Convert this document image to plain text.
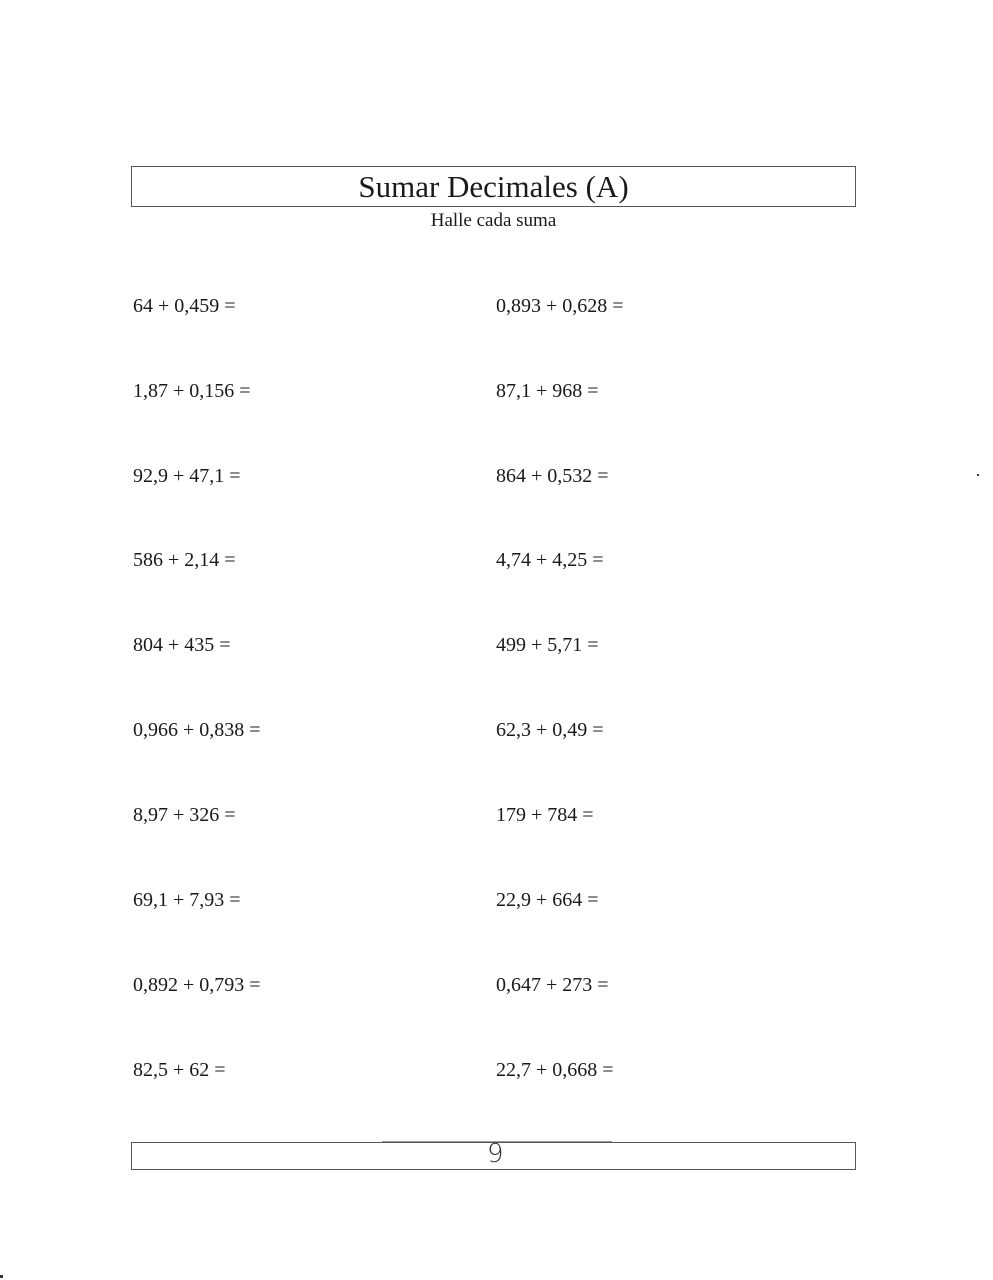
Sumar Decimales (A)
Halle cada suma
64 + 0,459 =
1,87 + 0,156 =
92,9 + 47,1 =
586 + 2,14 =
804 + 435 =
0,966 + 0,838 =
8,97 + 326 =
69,1 + 7,93 =
0,892 + 0,793 =
82,5 + 62 =
0,893 + 0,628 =
87,1 + 968 =
864 + 0,532 =
4,74 + 4,25 =
499 + 5,71 =
62,3 + 0,49 =
179 + 784 =
22,9 + 664 =
0,647 + 273 =
22,7 + 0,668 =
9
